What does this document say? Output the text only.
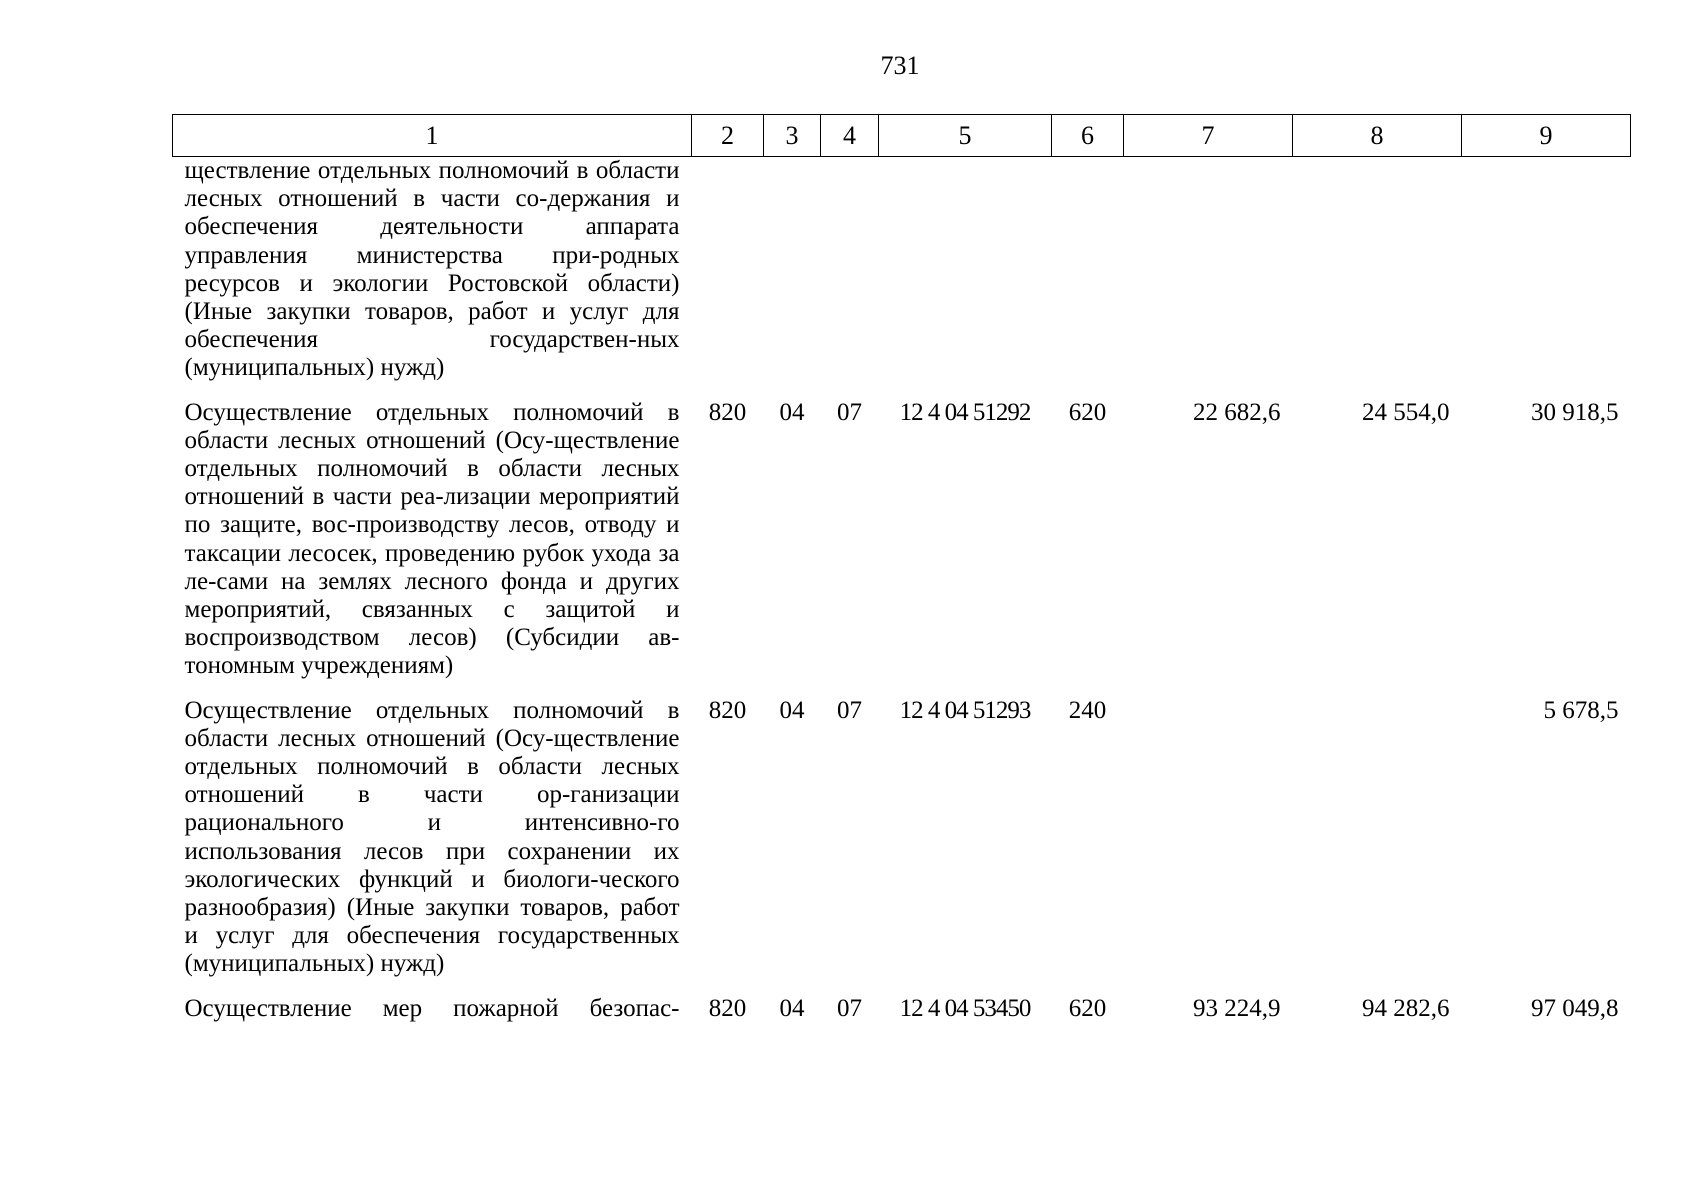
731
1	2	3	4	5	6	7	8	9
ществление отдельных полномочий в области лесных отношений в части со-держания и обеспечения деятельности аппарата управления министерства при-родных ресурсов и экологии Ростовской области) (Иные закупки товаров, работ и услуг для обеспечения государствен-ных (муниципальных) нужд)								
Осуществление отдельных полномочий в области лесных отношений (Осу-ществление отдельных полномочий в области лесных отношений в части реа-лизации мероприятий по защите, вос-производству лесов, отводу и таксации лесосек, проведению рубок ухода за ле-сами на землях лесного фонда и других мероприятий, связанных с защитой и воспроизводством лесов) (Субсидии ав-тономным учреждениям)	820	04	07	12 4 04 51292	620	22 682,6	24 554,0	30 918,5
Осуществление отдельных полномочий в области лесных отношений (Осу-ществление отдельных полномочий в области лесных отношений в части ор-ганизации рационального и интенсивно-го использования лесов при сохранении их экологических функций и биологи-ческого разнообразия) (Иные закупки товаров, работ и услуг для обеспечения государственных (муниципальных) нужд)	820	04	07	12 4 04 51293	240			5 678,5
Осуществление мер пожарной безопас-	820	04	07	12 4 04 53450	620	93 224,9	94 282,6	97 049,8
